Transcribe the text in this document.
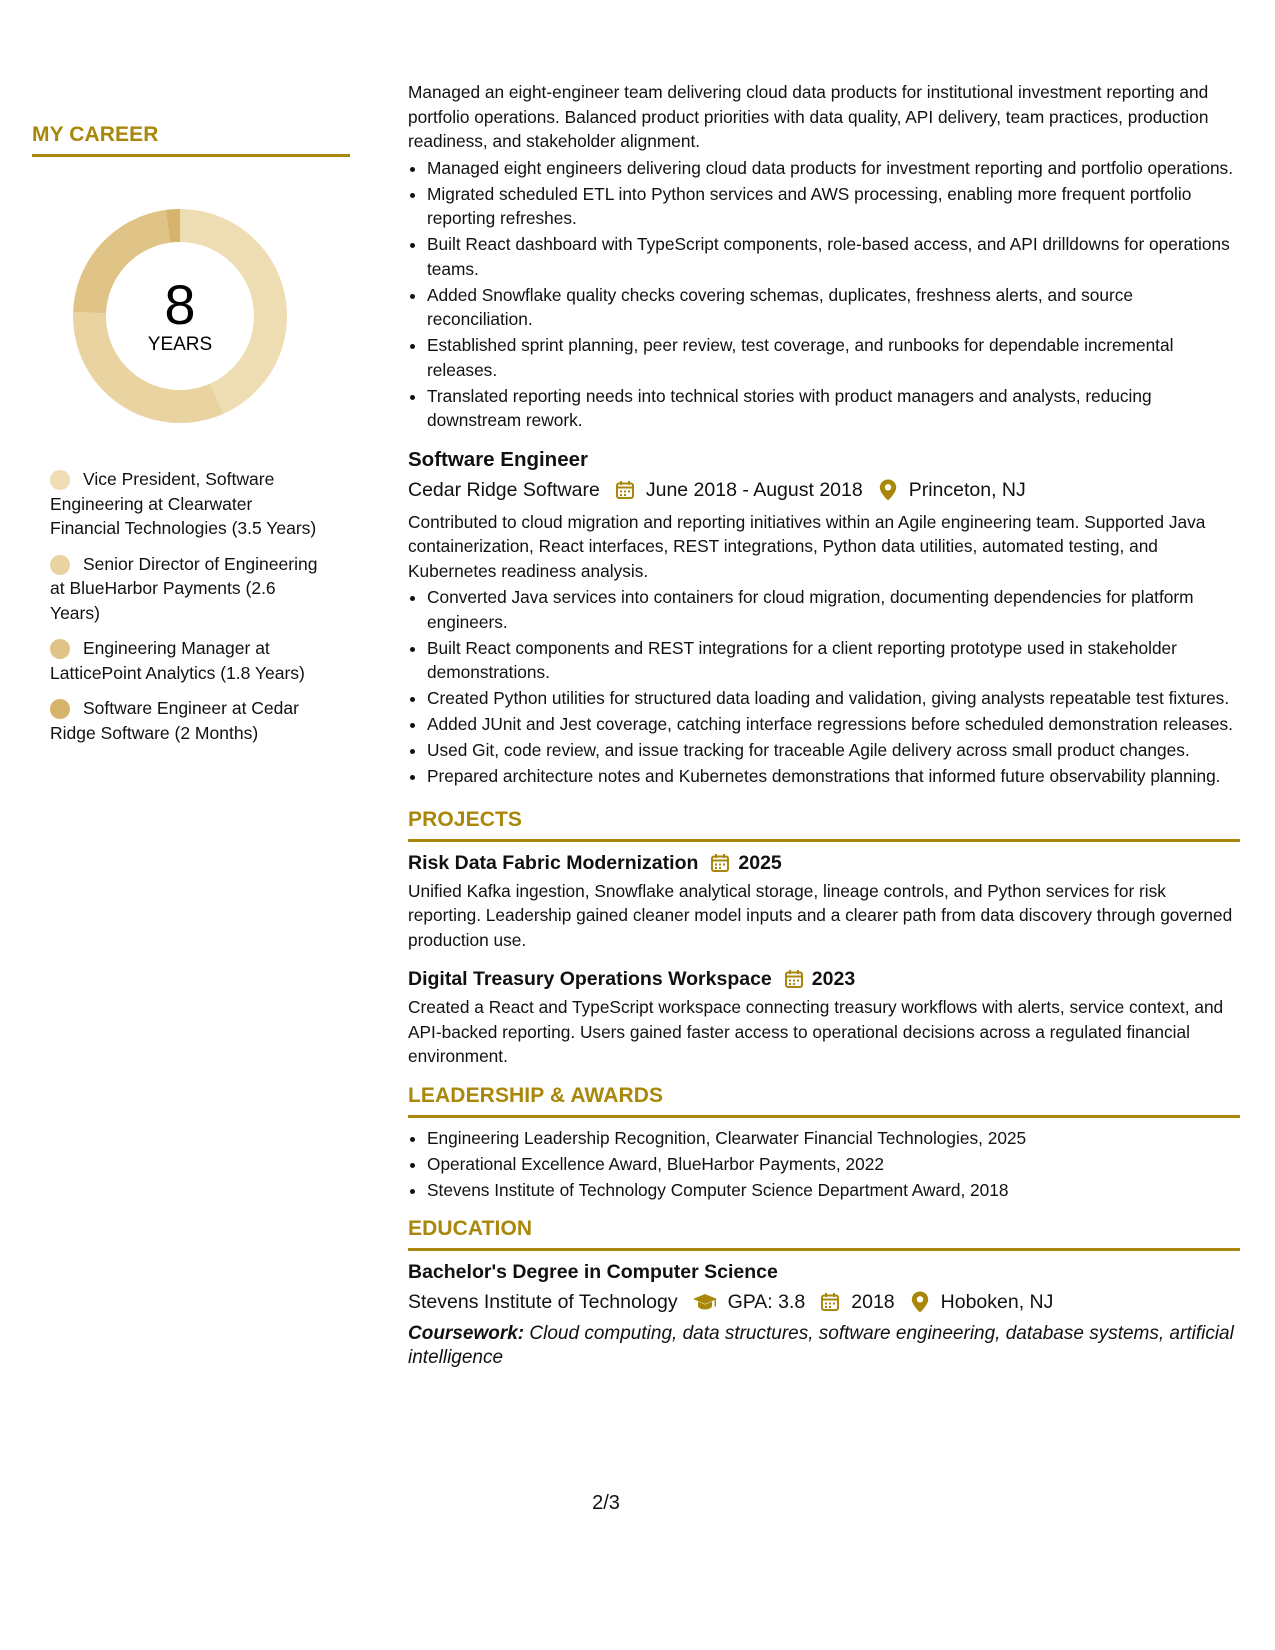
MY CAREER
8
YEARS
Vice President, Software Engineering at Clearwater Financial Technologies (3.5 Years)
Senior Director of Engineering at BlueHarbor Payments (2.6 Years)
Engineering Manager at LatticePoint Analytics (1.8 Years)
Software Engineer at Cedar Ridge Software (2 Months)
Managed an eight-engineer team delivering cloud data products for institutional investment reporting and portfolio operations. Balanced product priorities with data quality, API delivery, team practices, production readiness, and stakeholder alignment.
• Managed eight engineers delivering cloud data products for investment reporting and portfolio operations.
• Migrated scheduled ETL into Python services and AWS processing, enabling more frequent portfolio reporting refreshes.
• Built React dashboard with TypeScript components, role-based access, and API drilldowns for operations teams.
• Added Snowflake quality checks covering schemas, duplicates, freshness alerts, and source reconciliation.
• Established sprint planning, peer review, test coverage, and runbooks for dependable incremental releases.
• Translated reporting needs into technical stories with product managers and analysts, reducing downstream rework.
Software Engineer
Cedar Ridge Software June 2018 - August 2018 Princeton, NJ
Contributed to cloud migration and reporting initiatives within an Agile engineering team. Supported Java containerization, React interfaces, REST integrations, Python data utilities, automated testing, and Kubernetes readiness analysis.
• Converted Java services into containers for cloud migration, documenting dependencies for platform engineers.
• Built React components and REST integrations for a client reporting prototype used in stakeholder demonstrations.
• Created Python utilities for structured data loading and validation, giving analysts repeatable test fixtures.
• Added JUnit and Jest coverage, catching interface regressions before scheduled demonstration releases.
• Used Git, code review, and issue tracking for traceable Agile delivery across small product changes.
• Prepared architecture notes and Kubernetes demonstrations that informed future observability planning.
PROJECTS
Risk Data Fabric Modernization 2025
Unified Kafka ingestion, Snowflake analytical storage, lineage controls, and Python services for risk reporting. Leadership gained cleaner model inputs and a clearer path from data discovery through governed production use.
Digital Treasury Operations Workspace 2023
Created a React and TypeScript workspace connecting treasury workflows with alerts, service context, and API-backed reporting. Users gained faster access to operational decisions across a regulated financial environment.
LEADERSHIP & AWARDS
• Engineering Leadership Recognition, Clearwater Financial Technologies, 2025
• Operational Excellence Award, BlueHarbor Payments, 2022
• Stevens Institute of Technology Computer Science Department Award, 2018
EDUCATION
Bachelor's Degree in Computer Science
Stevens Institute of Technology	GPA: 3.8 2018 Hoboken, NJ
Coursework: Cloud computing, data structures, software engineering, database systems, artificial intelligence
2/3
